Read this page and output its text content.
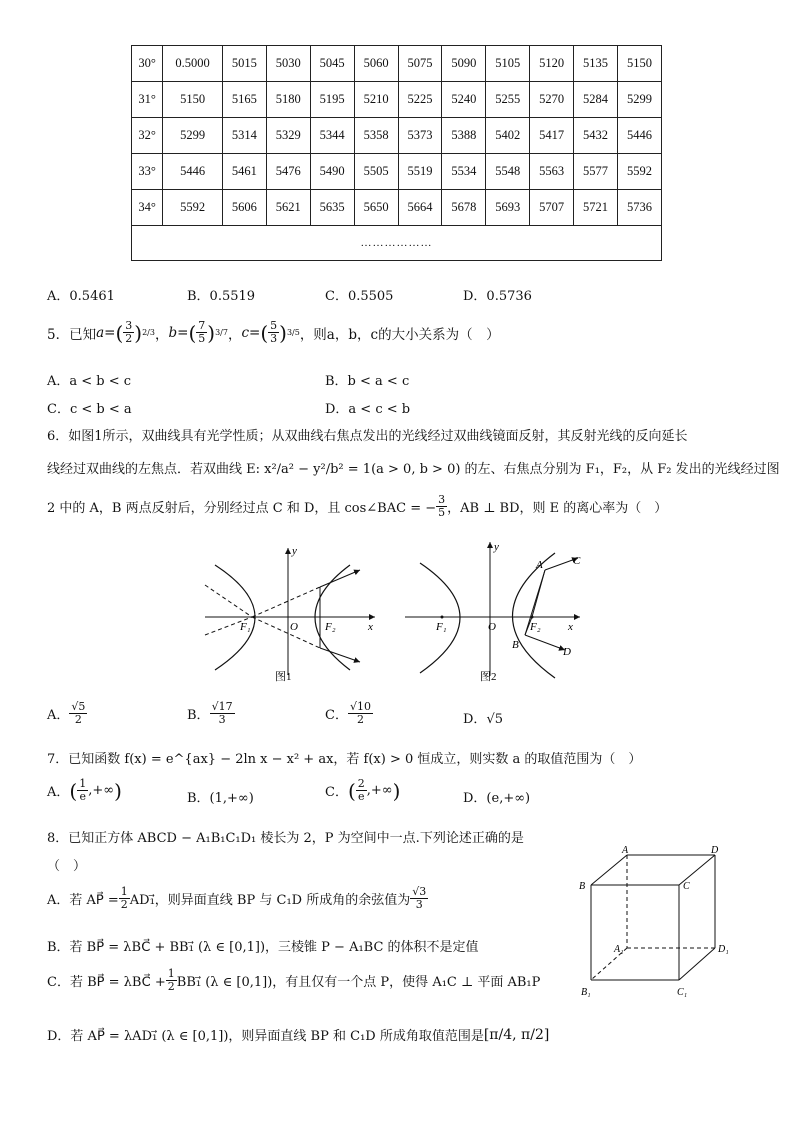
30°	0.5000	5015	5030	5045	5060	5075	5090	5105	5120	5135	5150
31°	5150	5165	5180	5195	5210	5225	5240	5255	5270	5284	5299
32°	5299	5314	5329	5344	5358	5373	5388	5402	5417	5432	5446
33°	5446	5461	5476	5490	5505	5519	5534	5548	5563	5577	5592
34°	5592	5606	5621	5635	5650	5664	5678	5693	5707	5721	5736
………………											
A．0.5461	B．0.5519	C．0.5505	D．0.5736
5．已知 a = ( $\frac{3}{2}$ ) 2/3 ， b = ( $\frac{7}{5}$ ) 3/7 ， c = ( $\frac{5}{3}$ ) 3/5 ，则a，b，c的大小关系为（　）
A．a < b < c	B．b < a < c
C．c < b < a	D．a < c < b
6．如图1所示，双曲线具有光学性质；从双曲线右焦点发出的光线经过双曲线镜面反射，其反射光线的反向延长
线经过双曲线的左焦点．若双曲线 E: x²/a² − y²/b² = 1(a > 0, b > 0) 的左、右焦点分别为 F₁，F₂，从 F₂ 发出的光线经过图
2 中的 A，B 两点反射后，分别经过点 C 和 D，且 cos∠BAC = − $\frac{3}{5}$ ，AB ⊥ BD，则 E 的离心率为（　）
F₁	O F₂	x
y
图1
F₁	O	F₂ x
y
A
B
C
D
图2
A． $\frac{√5}{2}$	B． $\frac{√17}{3}$	C． $\frac{√10}{2}$	D．√5
7．已知函数 f(x) = e^{ax} − 2ln x − x² + ax，若 f(x) > 0 恒成立，则实数 a 的取值范围为（　）
A． ( $\frac{1}{e}$ ,+∞ )	B．(1,+∞)	C． ( $\frac{2}{e}$ ,+∞ )	D．(e,+∞)
8．已知正方体 ABCD − A₁B₁C₁D₁ 棱长为 2，P 为空间中一点.下列论述正确的是
（　）
A．若 AP⃗ = $\frac{1}{2}$ AD₁⃗，则异面直线 BP 与 C₁D 所成角的余弦值为 $\frac{√3}{3}$
B．若 BP⃗ = λBC⃗ + BB₁⃗ (λ ∈ [0,1])，三棱锥 P − A₁BC 的体积不是定值
C．若 BP⃗ = λBC⃗ + $\frac{1}{2}$ BB₁⃗ (λ ∈ [0,1])，有且仅有一个点 P，使得 A₁C ⊥ 平面 AB₁P
D．若 AP⃗ = λAD₁⃗ (λ ∈ [0,1])，则异面直线 BP 和 C₁D 所成角取值范围是 [π/4, π/2]
A	D
B	C
A₁	D₁
B₁	C₁
